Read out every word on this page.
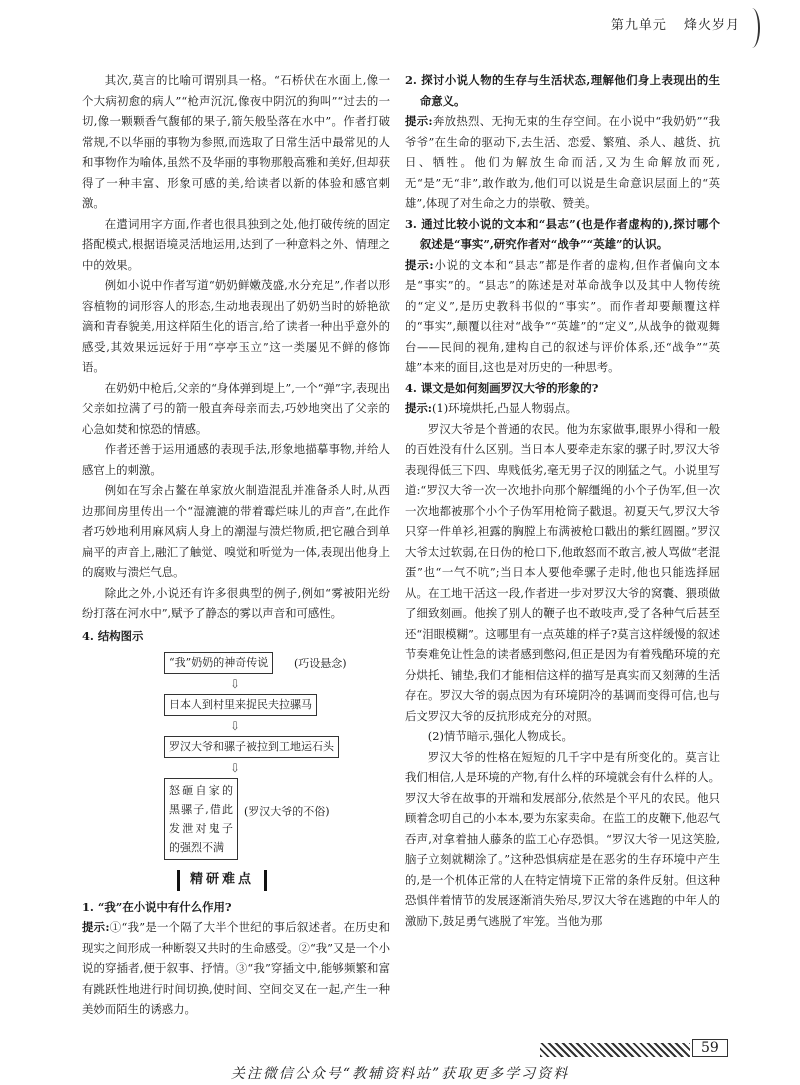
第九单元 烽火岁月

其次,莫言的比喻可谓别具一格。“石桥伏在水面上,像一个大病初愈的病人”“枪声沉沉,像夜中阴沉的狗叫”“过去的一切,像一颗颗香气馥郁的果子,箭矢般坠落在水中”。作者打破常规,不以华丽的事物为参照,而选取了日常生活中最常见的人和事物作为喻体,虽然不及华丽的事物那般高雅和美好,但却获得了一种丰富、形象可感的美,给读者以新的体验和感官刺激。

在遣词用字方面,作者也很具独到之处,他打破传统的固定搭配模式,根据语境灵活地运用,达到了一种意料之外、情理之中的效果。

例如小说中作者写道“奶奶鲜嫩茂盛,水分充足”,作者以形容植物的词形容人的形态,生动地表现出了奶奶当时的娇艳欲滴和青春貌美,用这样陌生化的语言,给了读者一种出乎意外的感受,其效果远远好于用“亭亭玉立”这一类屡见不鲜的修饰语。

在奶奶中枪后,父亲的“身体弹到堤上”,一个“弹”字,表现出父亲如拉满了弓的箭一般直奔母亲而去,巧妙地突出了父亲的心急如焚和惊恐的情感。

作者还善于运用通感的表现手法,形象地描摹事物,并给人感官上的刺激。

例如在写余占鳌在单家放火制造混乱并准备杀人时,从西边那间房里传出一个“湿漉漉的带着霉烂味儿的声音”,在此作者巧妙地利用麻风病人身上的潮湿与溃烂物质,把它融合到单扁平的声音上,融汇了触觉、嗅觉和听觉为一体,表现出他身上的腐败与溃烂气息。

除此之外,小说还有许多很典型的例子,例如“雾被阳光纷纷打落在河水中”,赋予了静态的雾以声音和可感性。

4. 结构图示
“我”奶奶的神奇传说	(巧设悬念)
⇩
日本人到村里来捉民夫拉骡马
⇩
罗汉大爷和骡子被拉到工地运石头
⇩
怒砸自家的黑骡子,借此发泄对鬼子的强烈不满
(罗汉大爷的不俗)
精研难点
1. “我”在小说中有什么作用?

提示:①“我”是一个隔了大半个世纪的事后叙述者。在历史和现实之间形成一种断裂又共时的生命感受。②“我”又是一个小说的穿插者,便于叙事、抒情。③“我”穿插文中,能够频繁和富有跳跃性地进行时间切换,使时间、空间交叉在一起,产生一种美妙而陌生的诱惑力。

2. 探讨小说人物的生存与生活状态,理解他们身上表现出的生命意义。

提示:奔放热烈、无拘无束的生存空间。在小说中“我奶奶”“我爷爷”在生命的驱动下,去生活、恋爱、繁殖、杀人、越货、抗日、牺牲。他们为解放生命而活,又为生命解放而死,无“是”无“非”,敢作敢为,他们可以说是生命意识层面上的“英雄”,体现了对生命之力的崇敬、赞美。

3. 通过比较小说的文本和“县志”(也是作者虚构的),探讨哪个叙述是“事实”,研究作者对“战争”“英雄”的认识。

提示:小说的文本和“县志”都是作者的虚构,但作者偏向文本是“事实”的。“县志”的陈述是对革命战争以及其中人物传统的“定义”,是历史教科书似的“事实”。而作者却要颠覆这样的“事实”,颠覆以往对“战争”“英雄”的“定义”,从战争的微观舞台——民间的视角,建构自己的叙述与评价体系,还“战争”“英雄”本来的面目,这也是对历史的一种思考。

4. 课文是如何刻画罗汉大爷的形象的?

提示:(1)环境烘托,凸显人物弱点。

罗汉大爷是个普通的农民。他为东家做事,眼界小得和一般的百姓没有什么区别。当日本人要牵走东家的骡子时,罗汉大爷表现得低三下四、卑贱低劣,毫无男子汉的刚猛之气。小说里写道:“罗汉大爷一次一次地扑向那个解缰绳的小个子伪军,但一次一次地都被那个小个子伪军用枪筒子戳退。初夏天气,罗汉大爷只穿一件单衫,袒露的胸膛上布满被枪口戳出的紫红圆圈。”罗汉大爷太过软弱,在日伪的枪口下,他敢怒而不敢言,被人骂做“老混蛋”也“一气不吭”;当日本人要他牵骡子走时,他也只能选择屈从。在工地干活这一段,作者进一步对罗汉大爷的窝囊、猥琐做了细致刻画。他挨了别人的鞭子也不敢吱声,受了各种气后甚至还“泪眼模糊”。这哪里有一点英雄的样子?莫言这样缓慢的叙述节奏难免让性急的读者感到憋闷,但正是因为有着残酷环境的充分烘托、铺垫,我们才能相信这样的描写是真实而又刻薄的生活存在。罗汉大爷的弱点因为有环境阴冷的基调而变得可信,也与后文罗汉大爷的反抗形成充分的对照。

(2)情节暗示,强化人物成长。

罗汉大爷的性格在短短的几千字中是有所变化的。莫言让我们相信,人是环境的产物,有什么样的环境就会有什么样的人。罗汉大爷在故事的开端和发展部分,依然是个平凡的农民。他只顾着念叨自己的小本本,要为东家卖命。在监工的皮鞭下,他忍气吞声,对拿着抽人藤条的监工心存恐惧。“罗汉大爷一见这笑脸,脑子立刻就糊涂了。”这种恐惧病症是在恶劣的生存环境中产生的,是一个机体正常的人在特定情境下正常的条件反射。但这种恐惧伴着情节的发展逐渐消失殆尽,罗汉大爷在逃跑的中年人的激励下,鼓足勇气逃脱了牢笼。当他为那

59
关注微信公众号“教辅资料站”获取更多学习资料
